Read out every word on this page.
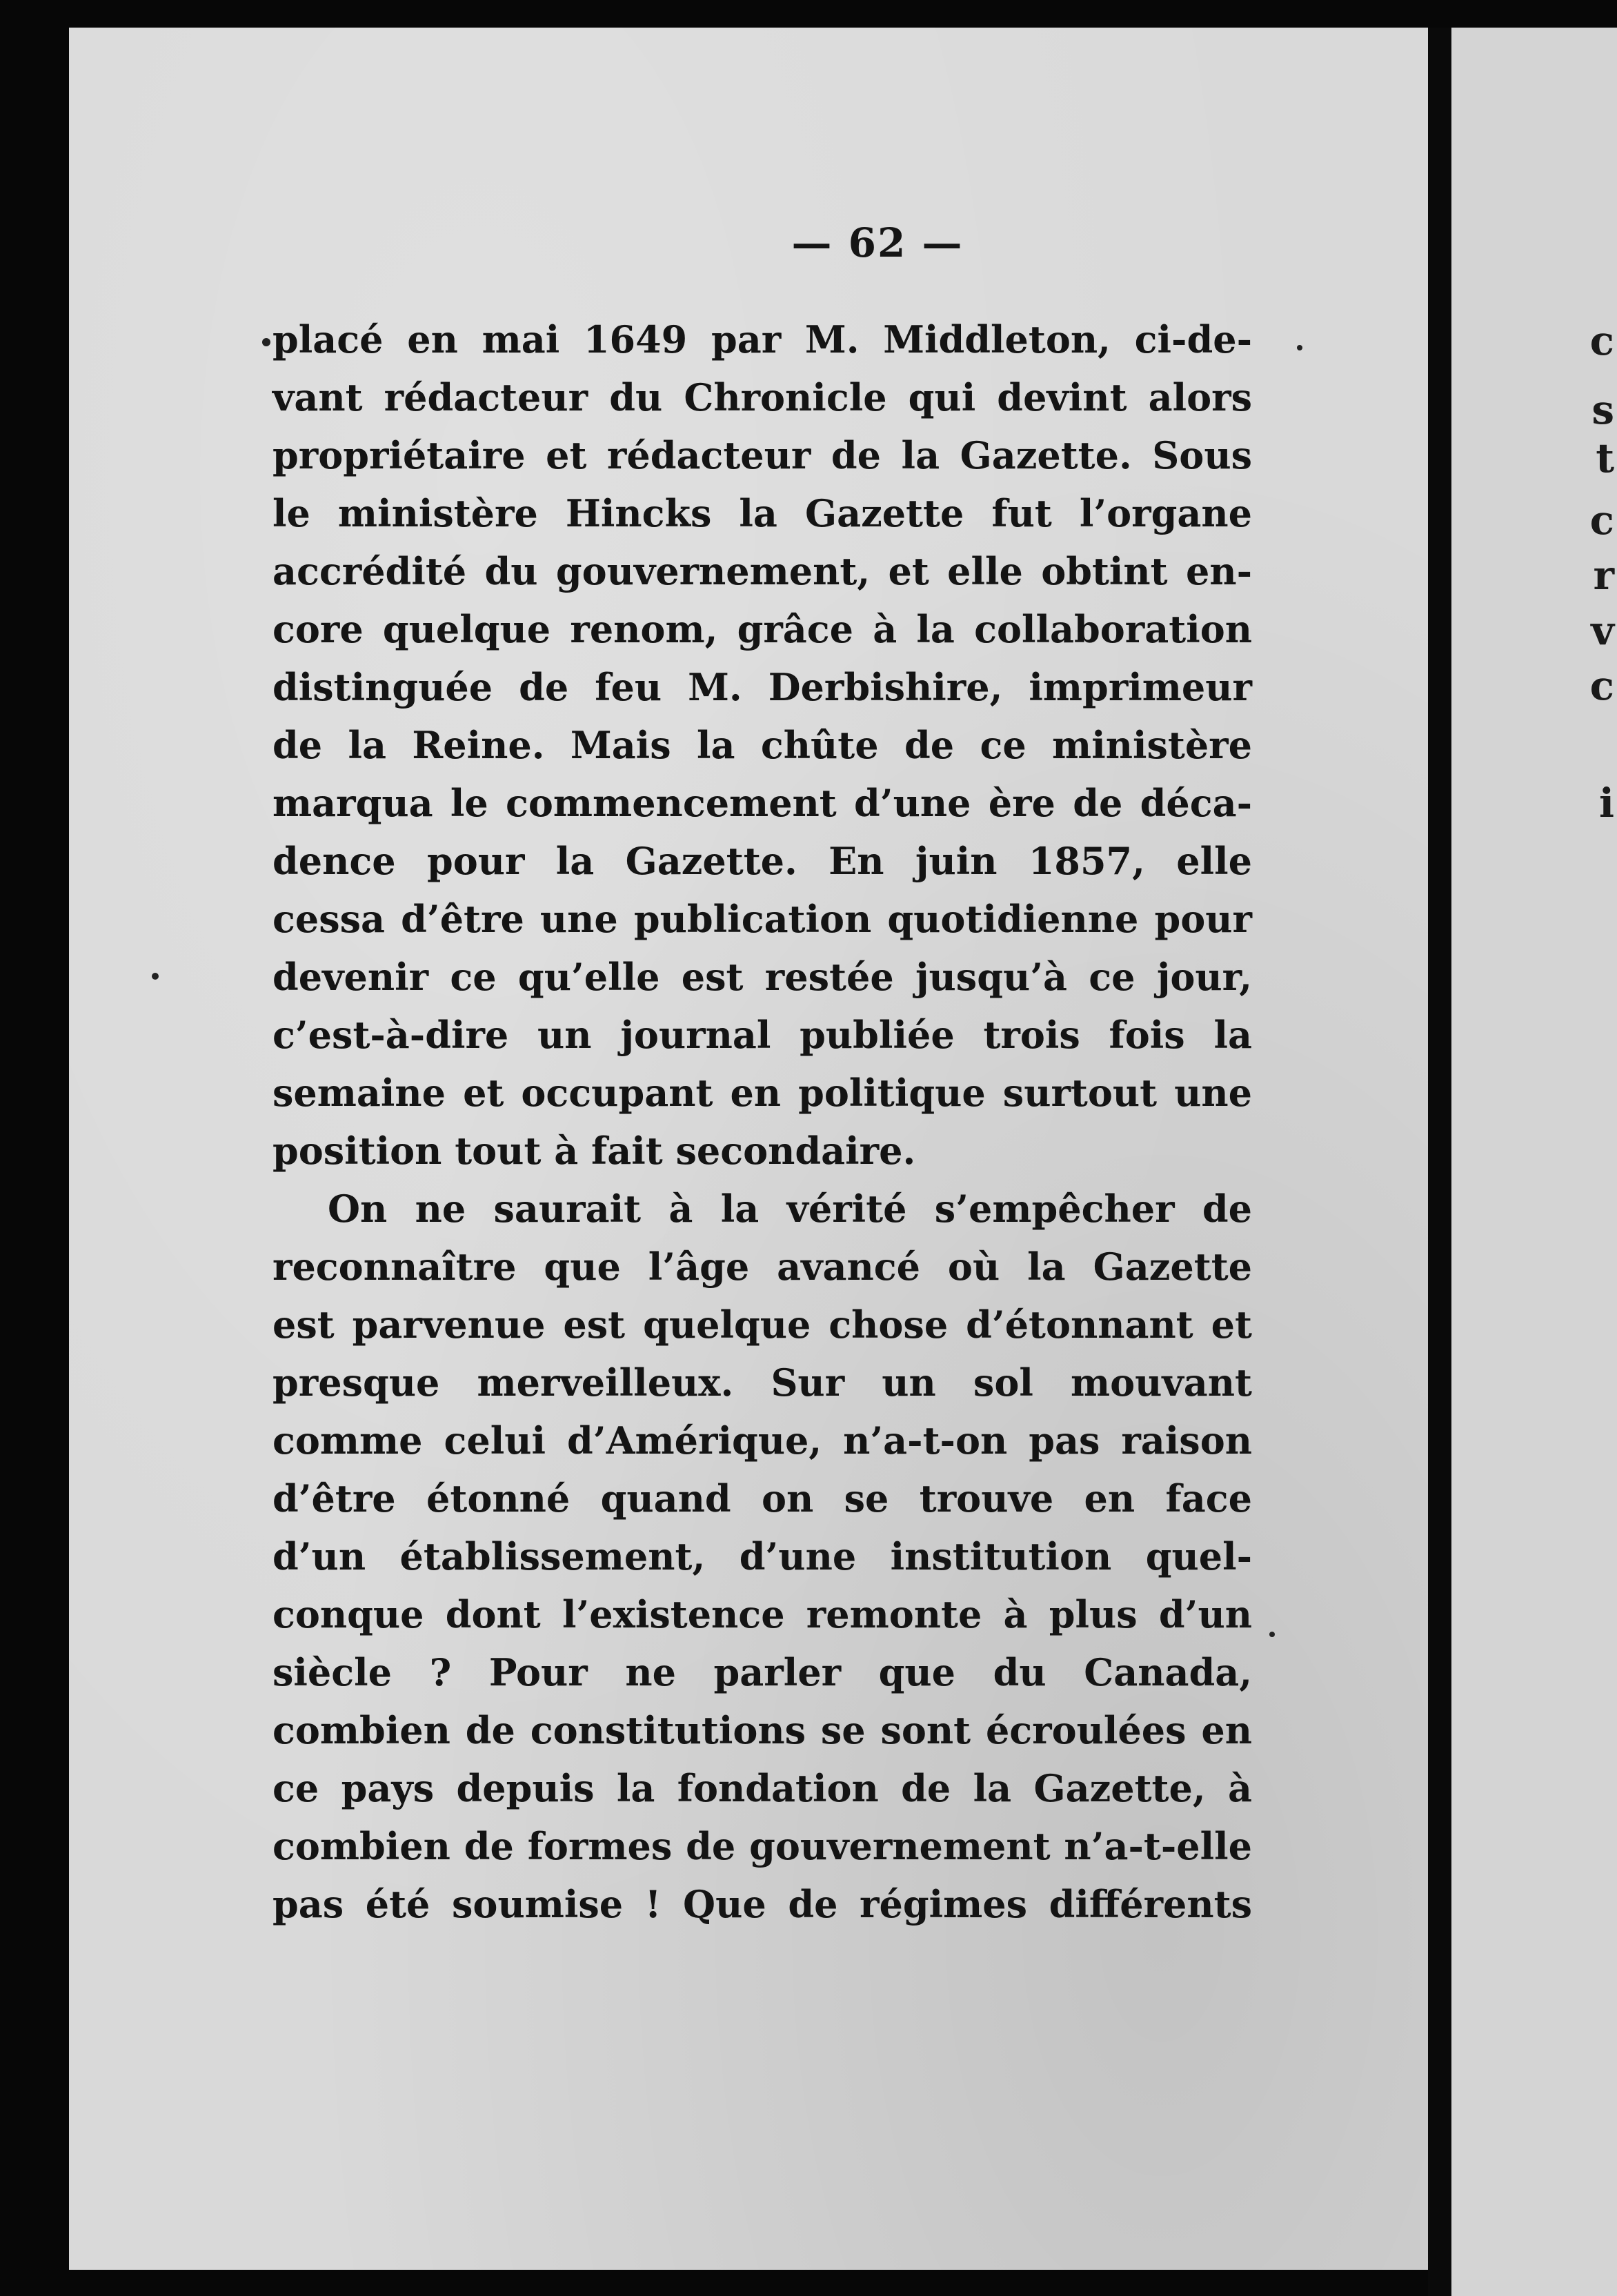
c
s
t
c
r
v
c
i
— 62 —
placé en mai 1649 par M. Middleton, ci-de-
vant rédacteur du Chronicle qui devint alors
propriétaire et rédacteur de la Gazette. Sous
le ministère Hincks la Gazette fut l’organe
accrédité du gouvernement, et elle obtint en-
core quelque renom, grâce à la collaboration
distinguée de feu M. Derbishire, imprimeur
de la Reine. Mais la chûte de ce ministère
marqua le commencement d’une ère de déca-
dence pour la Gazette. En juin 1857, elle
cessa d’être une publication quotidienne pour
devenir ce qu’elle est restée jusqu’à ce jour,
c’est-à-dire un journal publiée trois fois la
semaine et occupant en politique surtout une
position tout à fait secondaire.
On ne saurait à la vérité s’empêcher de
reconnaître que l’âge avancé où la Gazette
est parvenue est quelque chose d’étonnant et
presque merveilleux. Sur un sol mouvant
comme celui d’Amérique, n’a-t-on pas raison
d’être étonné quand on se trouve en face
d’un établissement, d’une institution quel-
conque dont l’existence remonte à plus d’un
siècle ? Pour ne parler que du Canada,
combien de constitutions se sont écroulées en
ce pays depuis la fondation de la Gazette, à
combien de formes de gouvernement n’a-t-elle
pas été soumise ! Que de régimes différents
